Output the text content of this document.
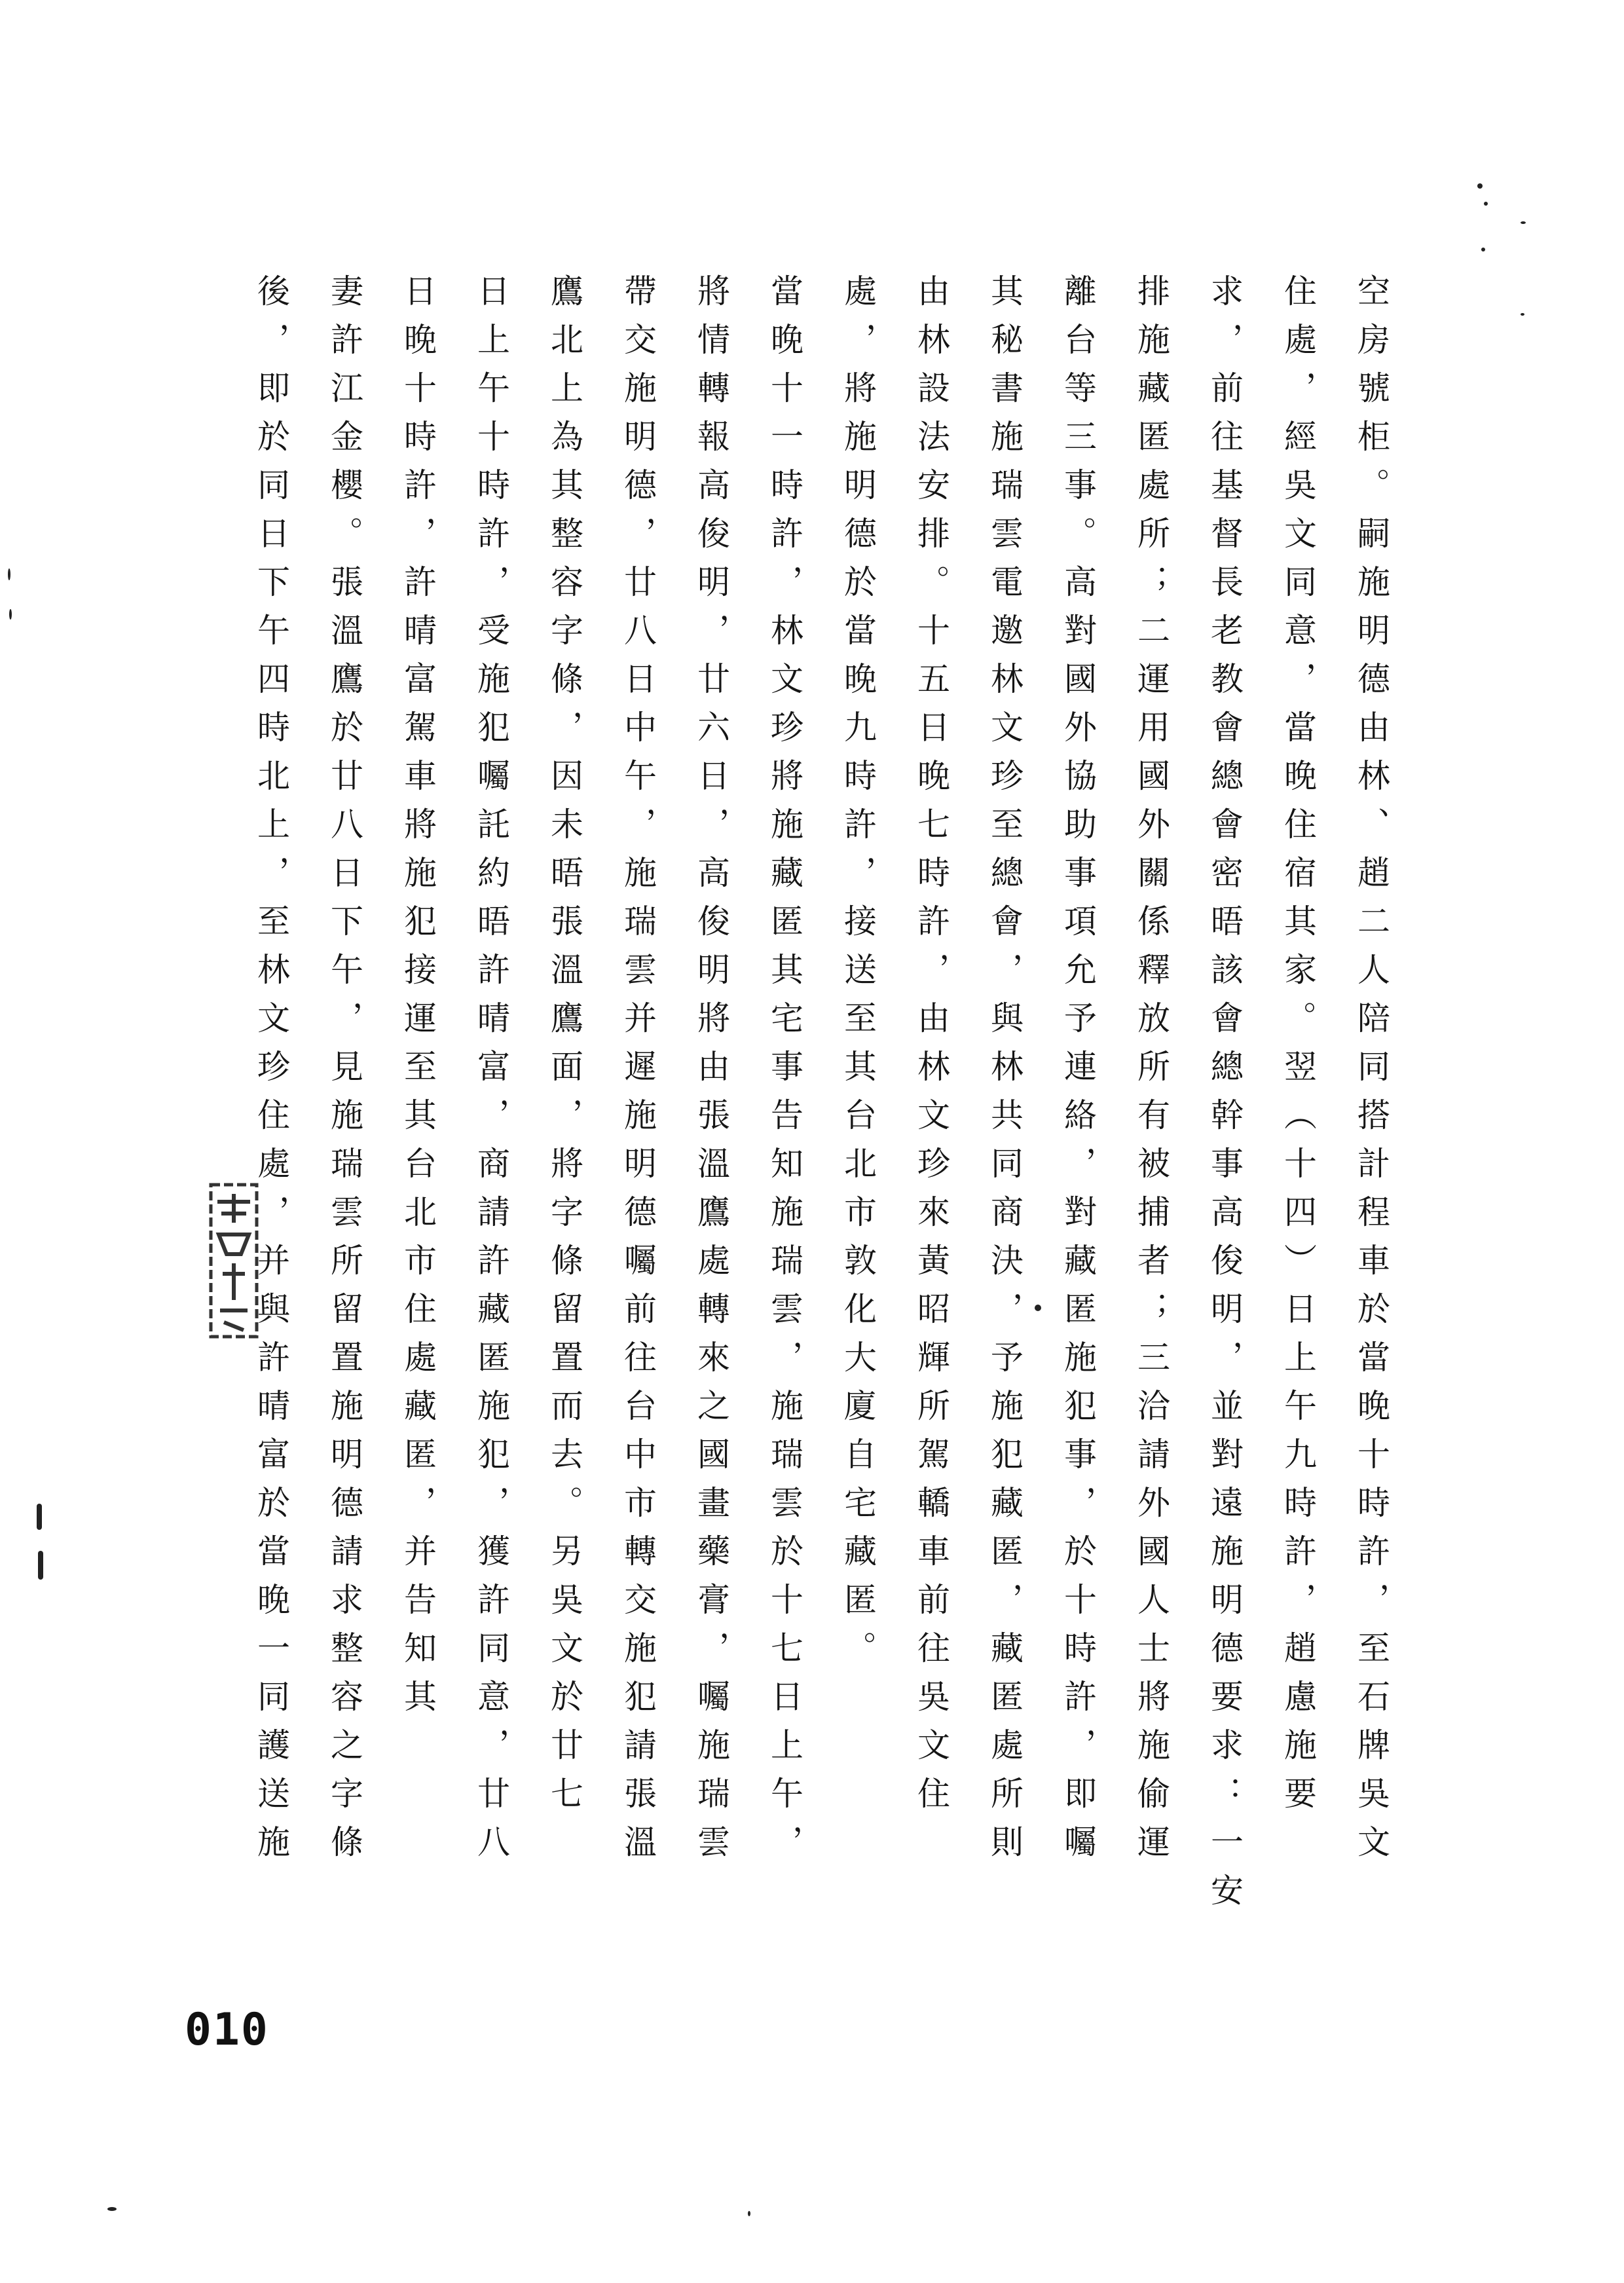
空房號柜。嗣施明德由林、趙二人陪同搭計程車於當晚十時許，至石牌吳文
住處，經吳文同意，當晚住宿其家。翌（十四）日上午九時許，趙慮施要
求，前往基督長老教會總會密晤該會總幹事高俊明，並對遠施明德要求：一安
排施藏匿處所；二運用國外關係釋放所有被捕者；三洽請外國人士將施偷運
離台等三事。高對國外協助事項允予連絡，對藏匿施犯事，於十時許，即囑
其秘書施瑞雲電邀林文珍至總會，與林共同商決，予施犯藏匿，藏匿處所則
由林設法安排。十五日晚七時許，由林文珍來黃昭輝所駕轎車前往吳文住
處，將施明德於當晚九時許，接送至其台北市敦化大廈自宅藏匿。
當晚十一時許，林文珍將施藏匿其宅事告知施瑞雲，施瑞雲於十七日上午，
將情轉報高俊明，廿六日，高俊明將由張溫鷹處轉來之國畫藥膏，囑施瑞雲
帶交施明德，廿八日中午，施瑞雲并遲施明德囑前往台中市轉交施犯請張溫
鷹北上為其整容字條，因未晤張溫鷹面，將字條留置而去。另吳文於廿七
日上午十時許，受施犯囑託約晤許晴富，商請許藏匿施犯，獲許同意，廿八
日晚十時許，許晴富駕車將施犯接運至其台北市住處藏匿，并告知其
妻許江金櫻。張溫鷹於廿八日下午，見施瑞雲所留置施明德請求整容之字條
後，即於同日下午四時北上，至林文珍住處，并與許晴富於當晚一同護送施
010
